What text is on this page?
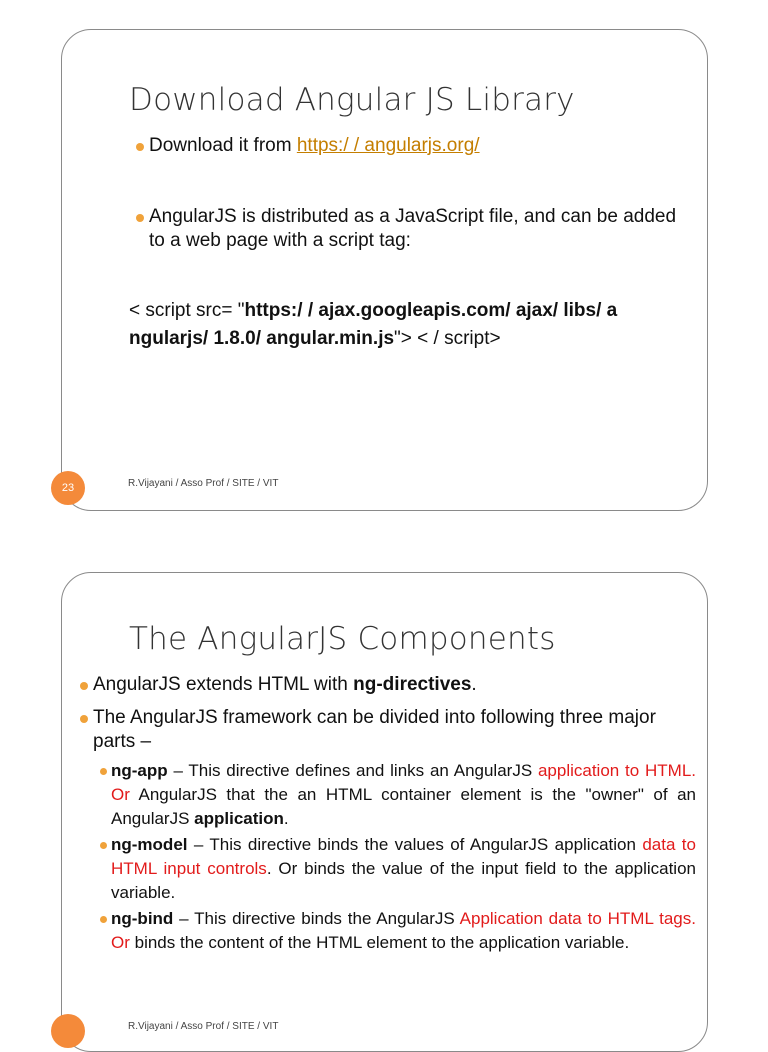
Download Angular JS Library
Download it from https:/ / angularjs.org/
AngularJS is distributed as a JavaScript file, and can be added
to a web page with a script tag:
< script src= "https:/ / ajax.googleapis.com/ ajax/ libs/ a
ngularjs/ 1.8.0/ angular.min.js"> < / script>
23	R.Vijayani / Asso Prof / SITE / VIT
The AngularJS Components
AngularJS extends HTML with ng-directives.
The AngularJS framework can be divided into following three major parts –
ng-app – This directive defines and links an AngularJS application to HTML. Or AngularJS that the an HTML container element is the "owner" of an AngularJS application.
ng-model – This directive binds the values of AngularJS application data to HTML input controls. Or binds the value of the input field to the application variable.
ng-bind – This directive binds the AngularJS Application data to HTML tags. Or binds the content of the HTML element to the application variable.
R.Vijayani / Asso Prof / SITE / VIT
